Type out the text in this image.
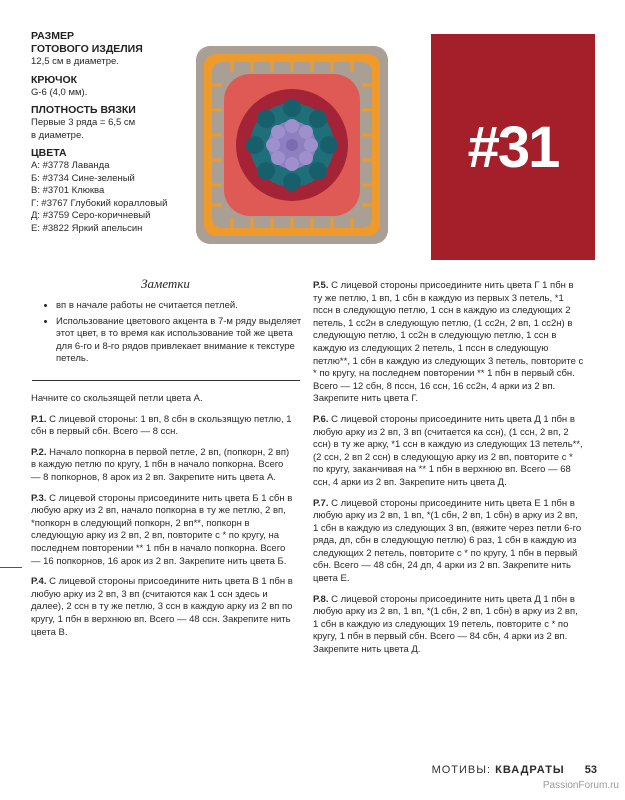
РАЗМЕР
ГОТОВОГО ИЗДЕЛИЯ
12,5 см в диаметре.
КРЮЧОК
G-6 (4,0 мм).
ПЛОТНОСТЬ ВЯЗКИ
Первые 3 ряда = 6,5 см
в диаметре.
ЦВЕТА
А: #3778 Лаванда
Б: #3734 Сине-зеленый
В: #3701 Клюква
Г: #3767 Глубокий коралловый
Д: #3759 Серо-коричневый
Е: #3822 Яркий апельсин
#31
Заметки
• вп в начале работы не считается петлей.
• Использование цветового акцента в 7-м ряду выделяет этот цвет, в то время как использование той же цвета для 6-го и 8-го рядов привлекает внимание к текстуре петель.

Начните со скользящей петли цвета А.

Р.1. С лицевой стороны: 1 вп, 8 сбн в скользящую петлю, 1 сбн в первый сбн. Всего — 8 ссн.

Р.2. Начало попкорна в первой петле, 2 вп, (попкорн, 2 вп) в каждую петлю по кругу, 1 пбн в начало попкорна. Всего — 8 попкорнов, 8 арок из 2 вп. Закрепите нить цвета А.

Р.3. С лицевой стороны присоедините нить цвета Б 1 сбн в любую арку из 2 вп, начало попкорна в ту же петлю, 2 вп, *попкорн в следующий попкорн, 2 вп**, попкорн в следующую арку из 2 вп, 2 вп, повторите с * по кругу, на последнем повторении ** 1 пбн в начало попкорна. Всего — 16 попкорнов, 16 арок из 2 вп. Закрепите нить цвета Б.

Р.4. С лицевой стороны присоедините нить цвета В 1 пбн в любую арку из 2 вп, 3 вп (считаются как 1 ссн здесь и далее), 2 ссн в ту же петлю, 3 ссн в каждую арку из 2 вп по кругу, 1 пбн в верхнюю вп. Всего — 48 ссн. Закрепите нить цвета В.

Р.5. С лицевой стороны присоедините нить цвета Г 1 пбн в ту же петлю, 1 вп, 1 сбн в каждую из первых 3 петель, *1 пссн в следующую петлю, 1 ссн в каждую из следующих 2 петель, 1 сс2н в следующую петлю, (1 сс2н, 2 вп, 1 сс2н) в следующую петлю, 1 сс2н в следующую петлю, 1 ссн в каждую из следующих 2 петель, 1 пссн в следующую петлю**, 1 сбн в каждую из следующих 3 петель, повторите с * по кругу, на последнем повторении ** 1 пбн в первый сбн. Всего — 12 сбн, 8 пссн, 16 ссн, 16 сс2н, 4 арки из 2 вп. Закрепите нить цвета Г.

Р.6. С лицевой стороны присоедините нить цвета Д 1 пбн в любую арку из 2 вп, 3 вп (считается ка ссн), (1 ссн, 2 вп, 2 ссн) в ту же арку, *1 ссн в каждую из следующих 13 петель**, (2 ссн, 2 вп 2 ссн) в следующую арку из 2 вп, повторите с * по кругу, заканчивая на ** 1 пбн в верхнюю вп. Всего — 68 ссн, 4 арки из 2 вп. Закрепите нить цвета Д.

Р.7. С лицевой стороны присоедините нить цвета Е 1 пбн в любую арку из 2 вп, 1 вп, *(1 сбн, 2 вп, 1 сбн) в арку из 2 вп, 1 сбн в каждую из следующих 3 вп, (вяжите через петли 6-го ряда, дп, сбн в следующую петлю) 6 раз, 1 сбн в каждую из следующих 2 петель, повторите с * по кругу, 1 пбн в первый сбн. Всего — 48 сбн, 24 дп, 4 арки из 2 вп. Закрепите нить цвета Е.

Р.8. С лицевой стороны присоедините нить цвета Д 1 пбн в любую арку из 2 вп, 1 вп, *(1 сбн, 2 вп, 1 сбн) в арку из 2 вп, 1 сбн в каждую из следующих 19 петель, повторите с * по кругу, 1 пбн в первый сбн. Всего — 84 сбн, 4 арки из 2 вп. Закрепите нить цвета Д.

МОТИВЫ: КВАДРАТЫ 53
PassionForum.ru
